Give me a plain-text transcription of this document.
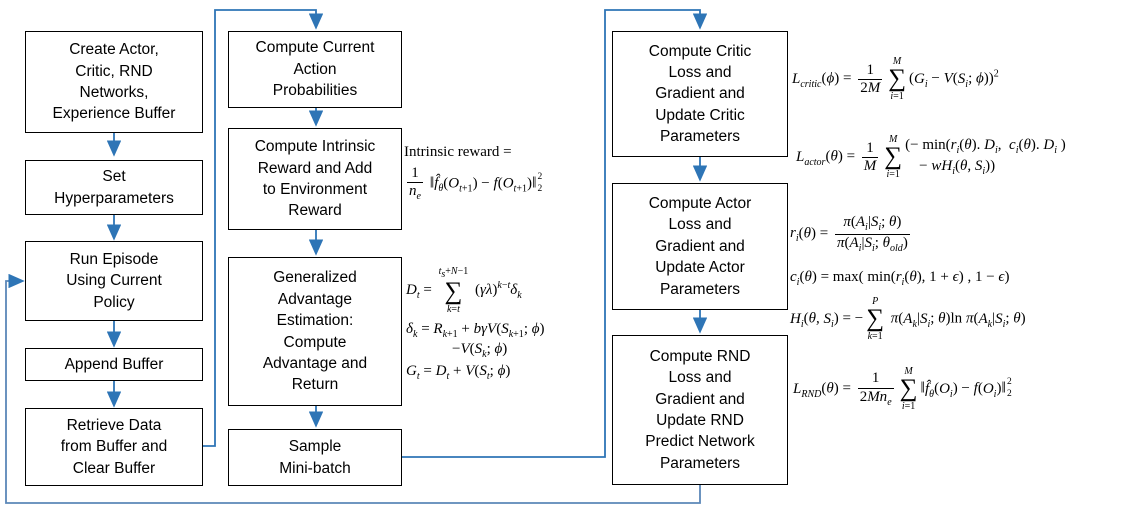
Create Actor,
Critic, RND
Networks,
Experience Buffer
Set
Hyperparameters
Run Episode
Using Current
Policy
Append Buffer
Retrieve Data
from Buffer and
Clear Buffer
Compute Current
Action
Probabilities
Compute Intrinsic
Reward and Add
to Environment
Reward
Generalized
Advantage
Estimation:
Compute
Advantage and
Return
Sample
Mini-batch
Compute Critic
Loss and
Gradient and
Update Critic
Parameters
Compute Actor
Loss and
Gradient and
Update Actor
Parameters
Compute RND
Loss and
Gradient and
Update RND
Predict Network
Parameters
Intrinsic reward =
$\frac{1}{n_e}$ $‖f̂_\theta(O_{t+1})$ − $f(O_{t+1})‖$ 2
2
$D_t$ =
$t_s+N-1$
∑
k=t
$(\gamma\lambda)^{k-t}\delta_k$
$\delta_k = R_{k+1} + b\gamma V(S_{k+1}$; ϕ)
$-V(S_k$; ϕ)
$G_t = D_t + V(S_t$; ϕ)
$L_{critic}(\phi) = \frac{1}{2M}$ M
∑
i=1
($G_i - V(S_i$; ϕ))$^2$
$L_{actor}(\theta) = \frac{1}{M}$ M
∑
i=1
(− $\min(r_i(\theta)$. $D_i$,  $c_i(\theta)$. $D_i$ )
− $wH_i(\theta$, $S_i$))
$r_i(\theta) = \frac{\pi(A_i|S_i; \theta)}{\pi(A_i|S_i; \theta_{old})}$
$c_i(\theta) = \max$( $\min(r_i(\theta)$, 1 + ϵ) , 1 − ϵ)
$H_i(\theta$, $S_i$) = −
P
∑
k=1
$\pi(A_k|S_i$; θ)ln $\pi(A_k|S_i$; θ)
$L_{RND}(\theta) = \frac{1}{2Mn_e}$ M
∑
i=1
$‖f̂_\theta(O_i)$ − $f(O_i)‖$ 2
2
